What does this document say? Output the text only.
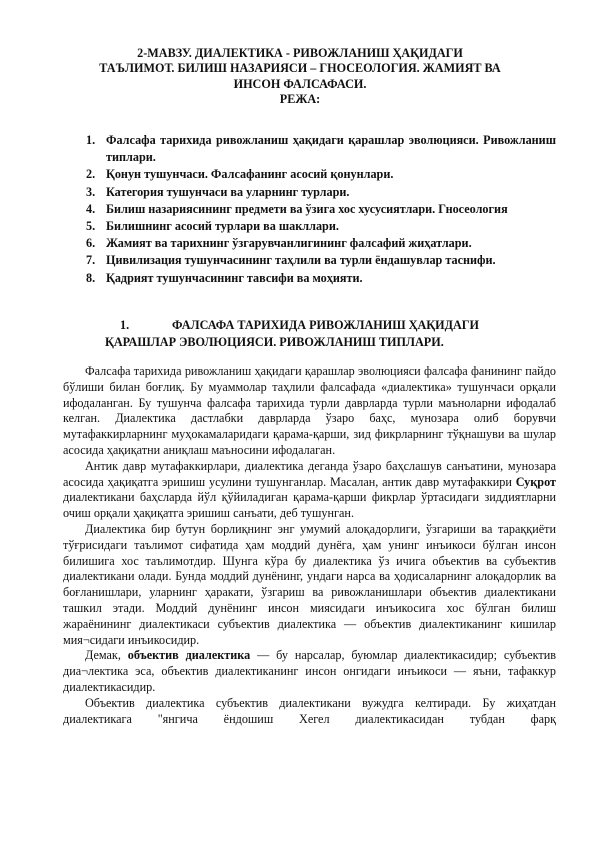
2-МАВЗУ. ДИАЛЕКТИКА - РИВОЖЛАНИШ ҲАҚИДАГИ
ТАЪЛИМОТ. БИЛИШ НАЗАРИЯСИ – ГНОСЕОЛОГИЯ. ЖАМИЯТ ВА
ИНСОН ФАЛСАФАСИ.
РЕЖА:
1. Фалсафа тарихида ривожланиш ҳақидаги қарашлар эволюцияси. Ривожланиш типлари.
2. Қонун тушунчаси. Фалсафанинг асосий қонунлари.
3. Категория тушунчаси ва уларнинг турлари.
4. Билиш назариясининг предмети ва ўзига хос хусусиятлари. Гносеология
5. Билишнинг асосий турлари ва шакллари.
6. Жамият ва тарихнинг ўзгарувчанлигининг фалсафий жиҳатлари.
7. Цивилизация тушунчасининг таҳлили ва турли ёндашувлар таснифи.
8. Қадрият тушунчасининг тавсифи ва моҳияти.
1.	ФАЛСАФА ТАРИХИДА РИВОЖЛАНИШ ҲАҚИДАГИ
ҚАРАШЛАР ЭВОЛЮЦИЯСИ. РИВОЖЛАНИШ ТИПЛАРИ.

Фалсафа тарихида ривожланиш ҳақидаги қарашлар эволюцияси фалсафа фанининг пайдо бўлиши билан боғлиқ. Бу муаммолар таҳлили фалсафада «диалектика» тушунчаси орқали ифодаланган. Бу тушунча фалсафа тарихида турли даврларда турли маъноларни ифодалаб келган. Диалектика дастлабки даврларда ўзаро баҳс, мунозара олиб борувчи мутафаккирларнинг муҳокамаларидаги қарама-қарши, зид фикрларнинг тўқнашуви ва шулар асосида ҳақиқатни аниқлаш маъносини ифодалаган.

Антик давр мутафаккирлари, диалектика деганда ўзаро баҳслашув санъатини, мунозара асосида ҳақиқатга эришиш усулини тушунганлар. Масалан, антик давр мутафаккири Суқрот диалектикани баҳсларда йўл қўйиладиган қарама-қарши фикрлар ўртасидаги зиддиятларни очиш орқали ҳақиқатга эришиш санъати, деб тушунган.

Диалектика бир бутун борлиқнинг энг умумий алоқадорлиги, ўзгариши ва тараққиёти тўғрисидаги таълимот сифатида ҳам моддий дунёга, ҳам унинг инъикоси бўлган инсон билишига хос таълимотдир. Шунга кўра бу диалектика ўз ичига объектив ва субъектив диалектикани олади. Бунда моддий дунёнинг, ундаги нарса ва ҳодисаларнинг алоқадорлик ва боғланишлари, уларнинг ҳаракати, ўзгариш ва ривожланишлари объектив диалектикани ташкил этади. Моддий дунёнинг инсон миясидаги инъикосига хос бўлган билиш жараёнининг диалектикаси субъектив диалектика — объектив диалектиканинг кишилар мия¬сидаги инъикосидир.

Демак, объектив диалектика — бу нарсалар, буюмлар диалектикасидир; субъектив диа¬лектика эса, объектив диалектиканинг инсон онгидаги инъикоси — яъни, тафаккур диалектикасидир.

Объектив диалектика субъектив диалектикани вужудга келтиради. Бу жиҳатдан диалектикага "янгича ёндошиш Хегел диалектикасидан тубдан фарқ
